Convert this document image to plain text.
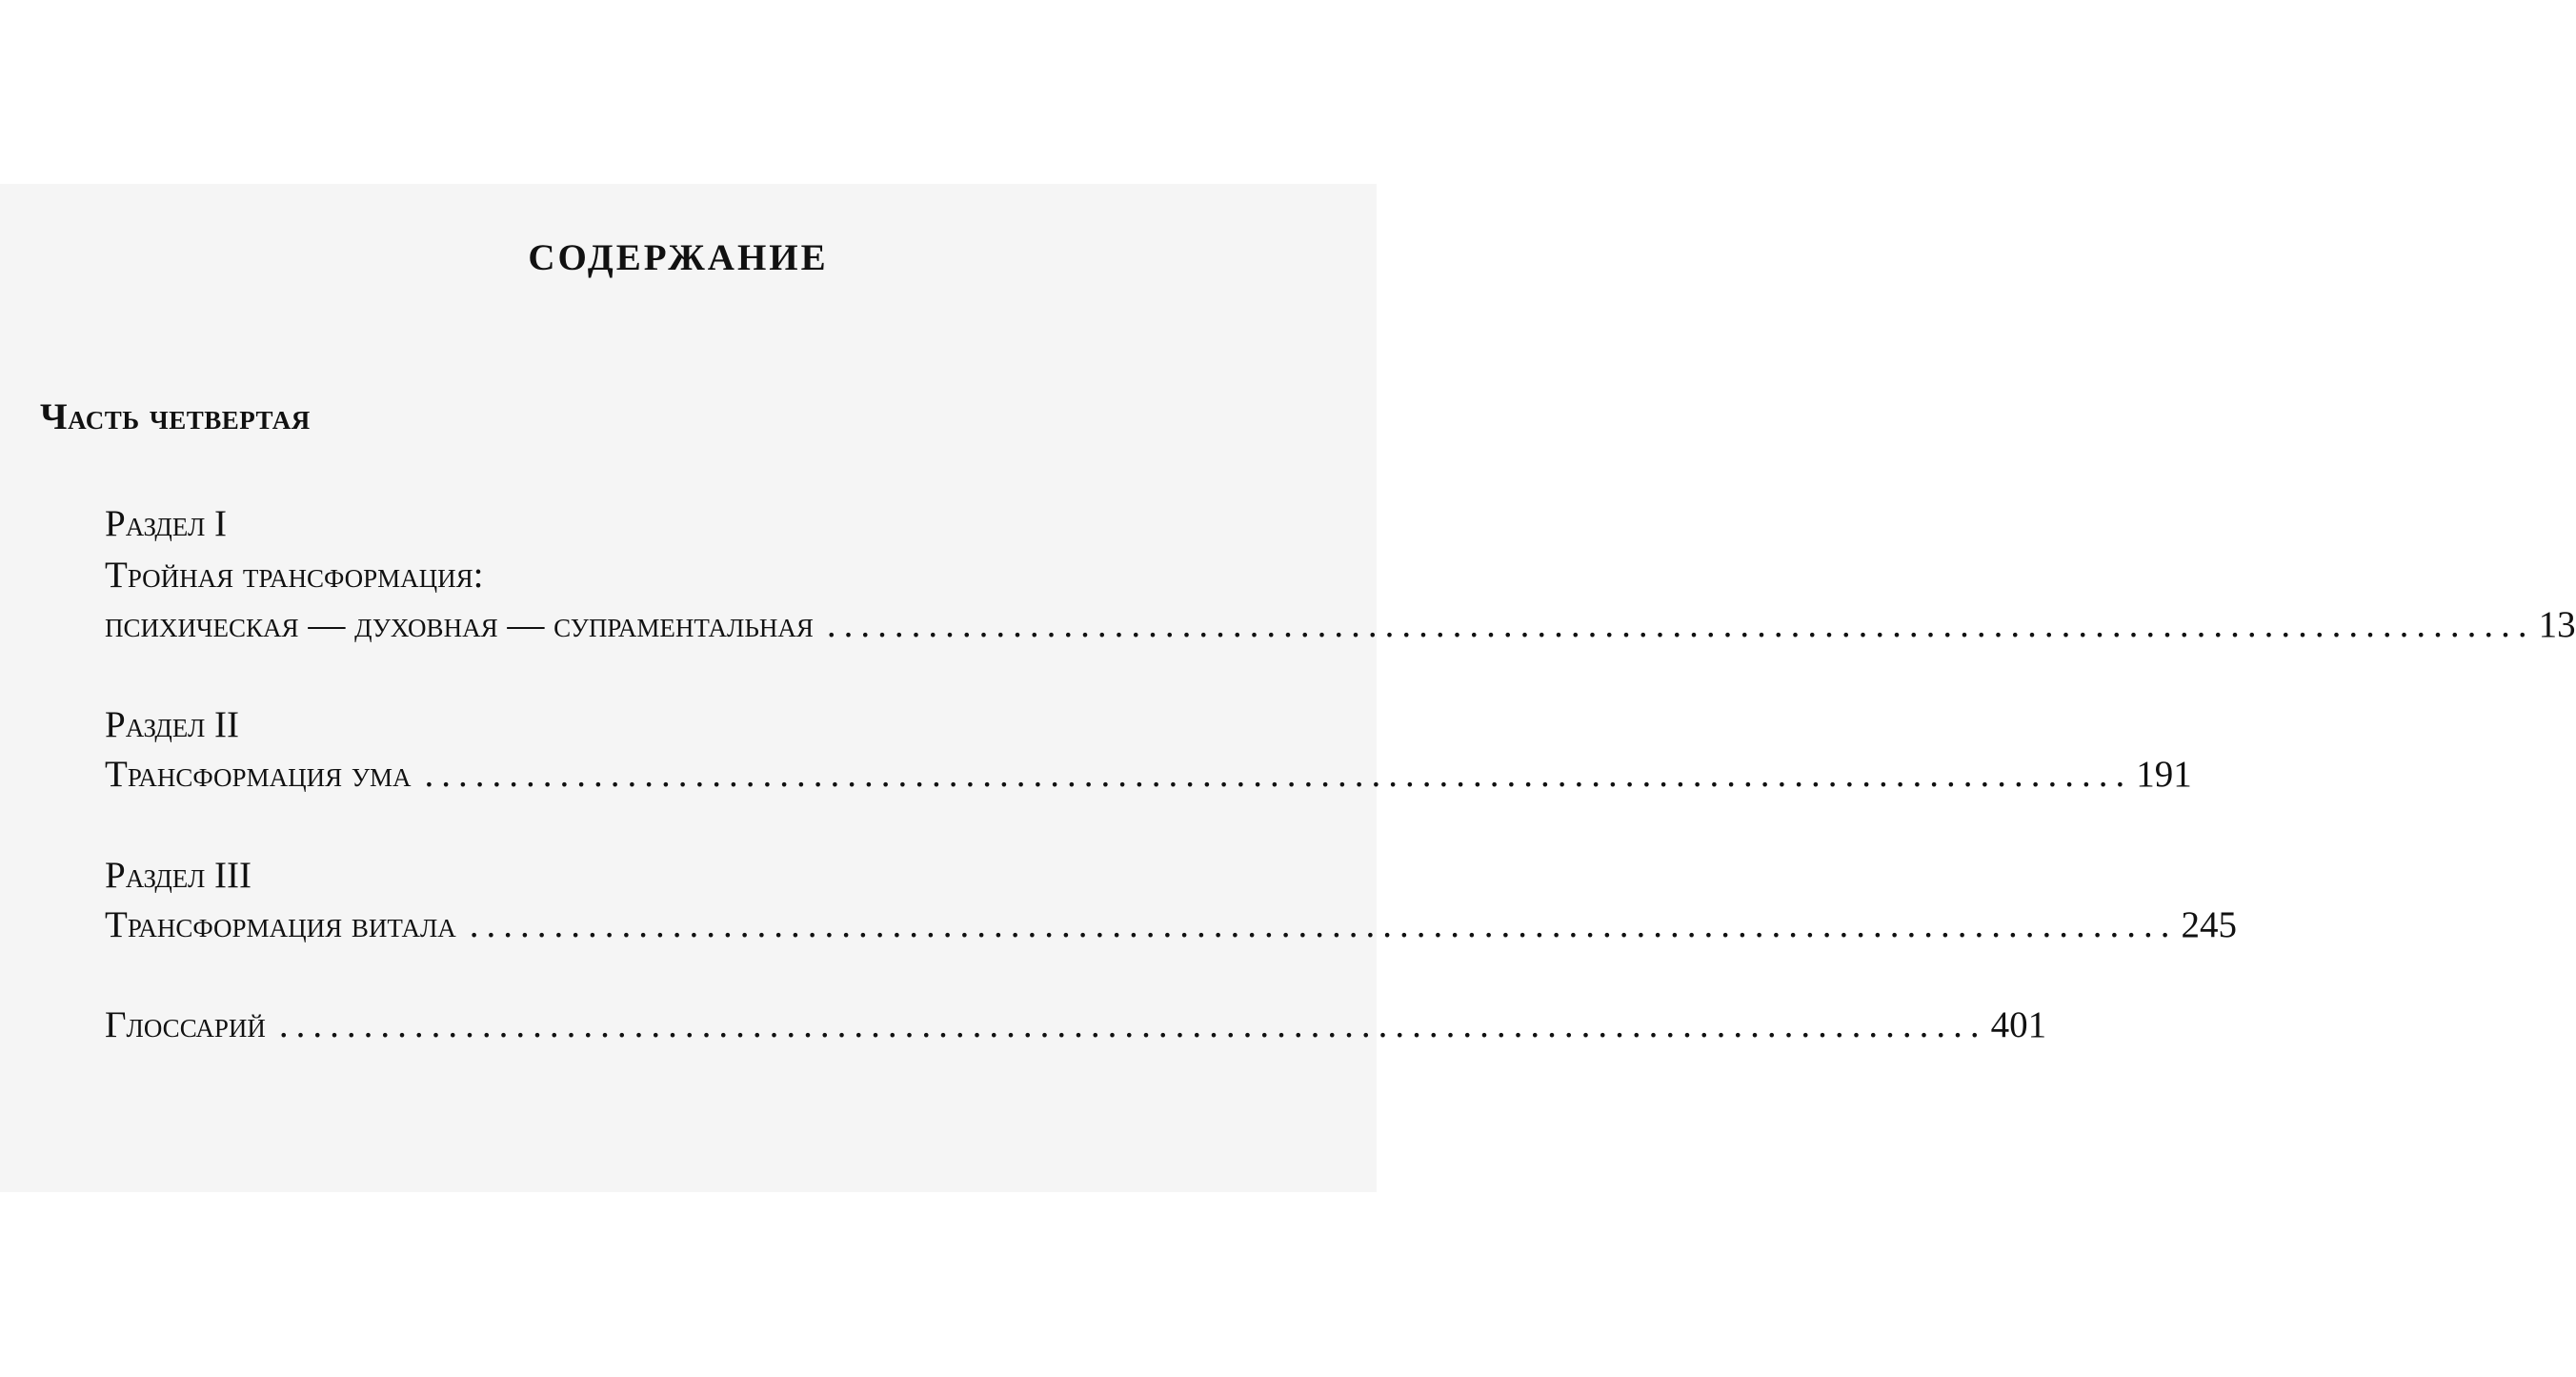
СОДЕРЖАНИЕ
Часть четвертая
Раздел I
Тройная трансформация:
психическая — духовная — супраментальная ..................................................................................................... 13
Раздел II
Трансформация ума ..................................................................................................... 191
Раздел III
Трансформация витала ..................................................................................................... 245
Глоссарий ..................................................................................................... 401
